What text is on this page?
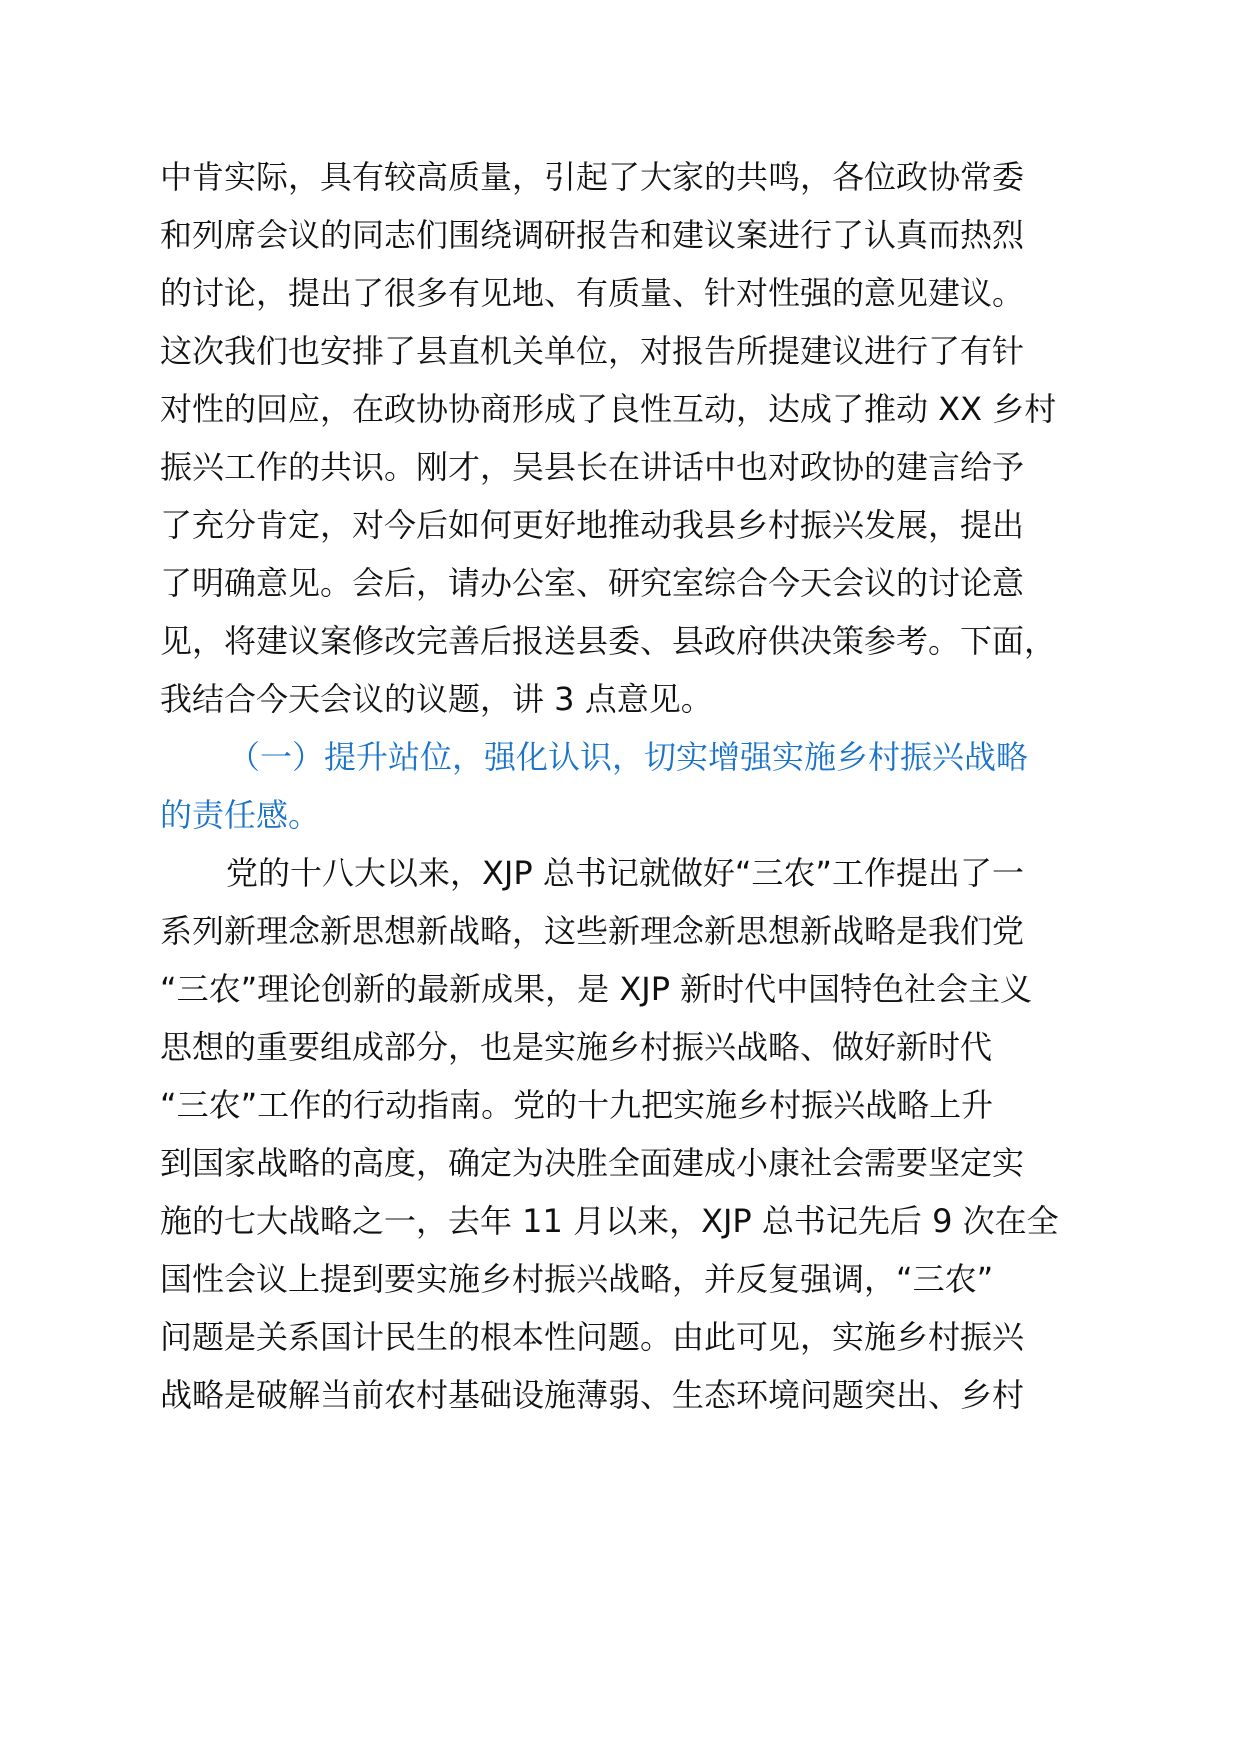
中肯实际，具有较高质量，引起了大家的共鸣，各位政协常委
和列席会议的同志们围绕调研报告和建议案进行了认真而热烈
的讨论，提出了很多有见地、有质量、针对性强的意见建议。
这次我们也安排了县直机关单位，对报告所提建议进行了有针
对性的回应，在政协协商形成了良性互动，达成了推动 XX 乡村
振兴工作的共识。刚才，吴县长在讲话中也对政协的建言给予
了充分肯定，对今后如何更好地推动我县乡村振兴发展，提出
了明确意见。会后，请办公室、研究室综合今天会议的讨论意
见，将建议案修改完善后报送县委、县政府供决策参考。下面，
我结合今天会议的议题，讲 3 点意见。
（一）提升站位，强化认识，切实增强实施乡村振兴战略
的责任感。
党的十八大以来，XJP 总书记就做好“三农”工作提出了一
系列新理念新思想新战略，这些新理念新思想新战略是我们党
“三农”理论创新的最新成果，是 XJP 新时代中国特色社会主义
思想的重要组成部分，也是实施乡村振兴战略、做好新时代
“三农”工作的行动指南。党的十九把实施乡村振兴战略上升
到国家战略的高度，确定为决胜全面建成小康社会需要坚定实
施的七大战略之一，去年 11 月以来，XJP 总书记先后 9 次在全
国性会议上提到要实施乡村振兴战略，并反复强调，“三农”
问题是关系国计民生的根本性问题。由此可见，实施乡村振兴
战略是破解当前农村基础设施薄弱、生态环境问题突出、乡村
